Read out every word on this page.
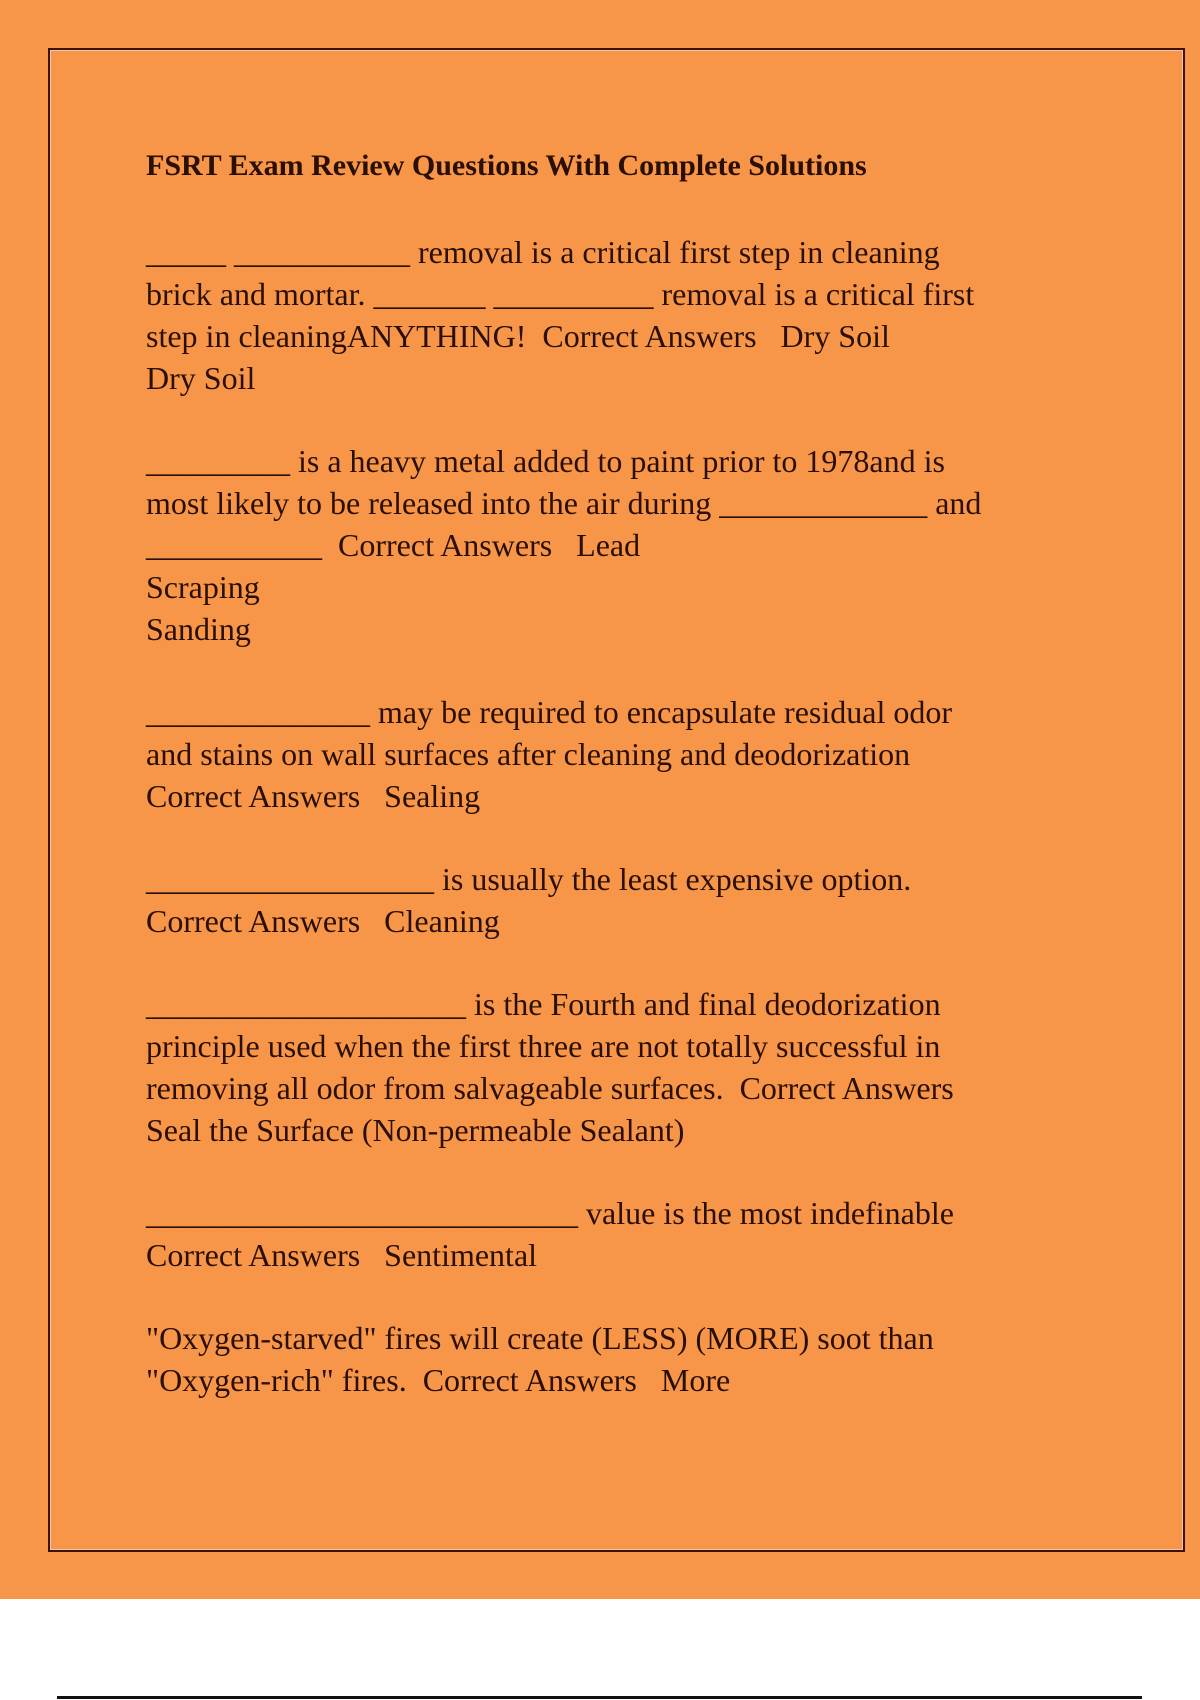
FSRT Exam Review Questions With Complete Solutions
_____ ___________ removal is a critical first step in cleaning
brick and mortar. _______ __________ removal is a critical first
step in cleaningANYTHING!  Correct Answers   Dry Soil
Dry Soil
_________ is a heavy metal added to paint prior to 1978and is
most likely to be released into the air during _____________ and
___________  Correct Answers   Lead
Scraping
Sanding
______________ may be required to encapsulate residual odor
and stains on wall surfaces after cleaning and deodorization
Correct Answers   Sealing
__________________ is usually the least expensive option.
Correct Answers   Cleaning
____________________ is the Fourth and final deodorization
principle used when the first three are not totally successful in
removing all odor from salvageable surfaces.  Correct Answers
Seal the Surface (Non-permeable Sealant)
___________________________ value is the most indefinable
Correct Answers   Sentimental
"Oxygen-starved" fires will create (LESS) (MORE) soot than
"Oxygen-rich" fires.  Correct Answers   More
